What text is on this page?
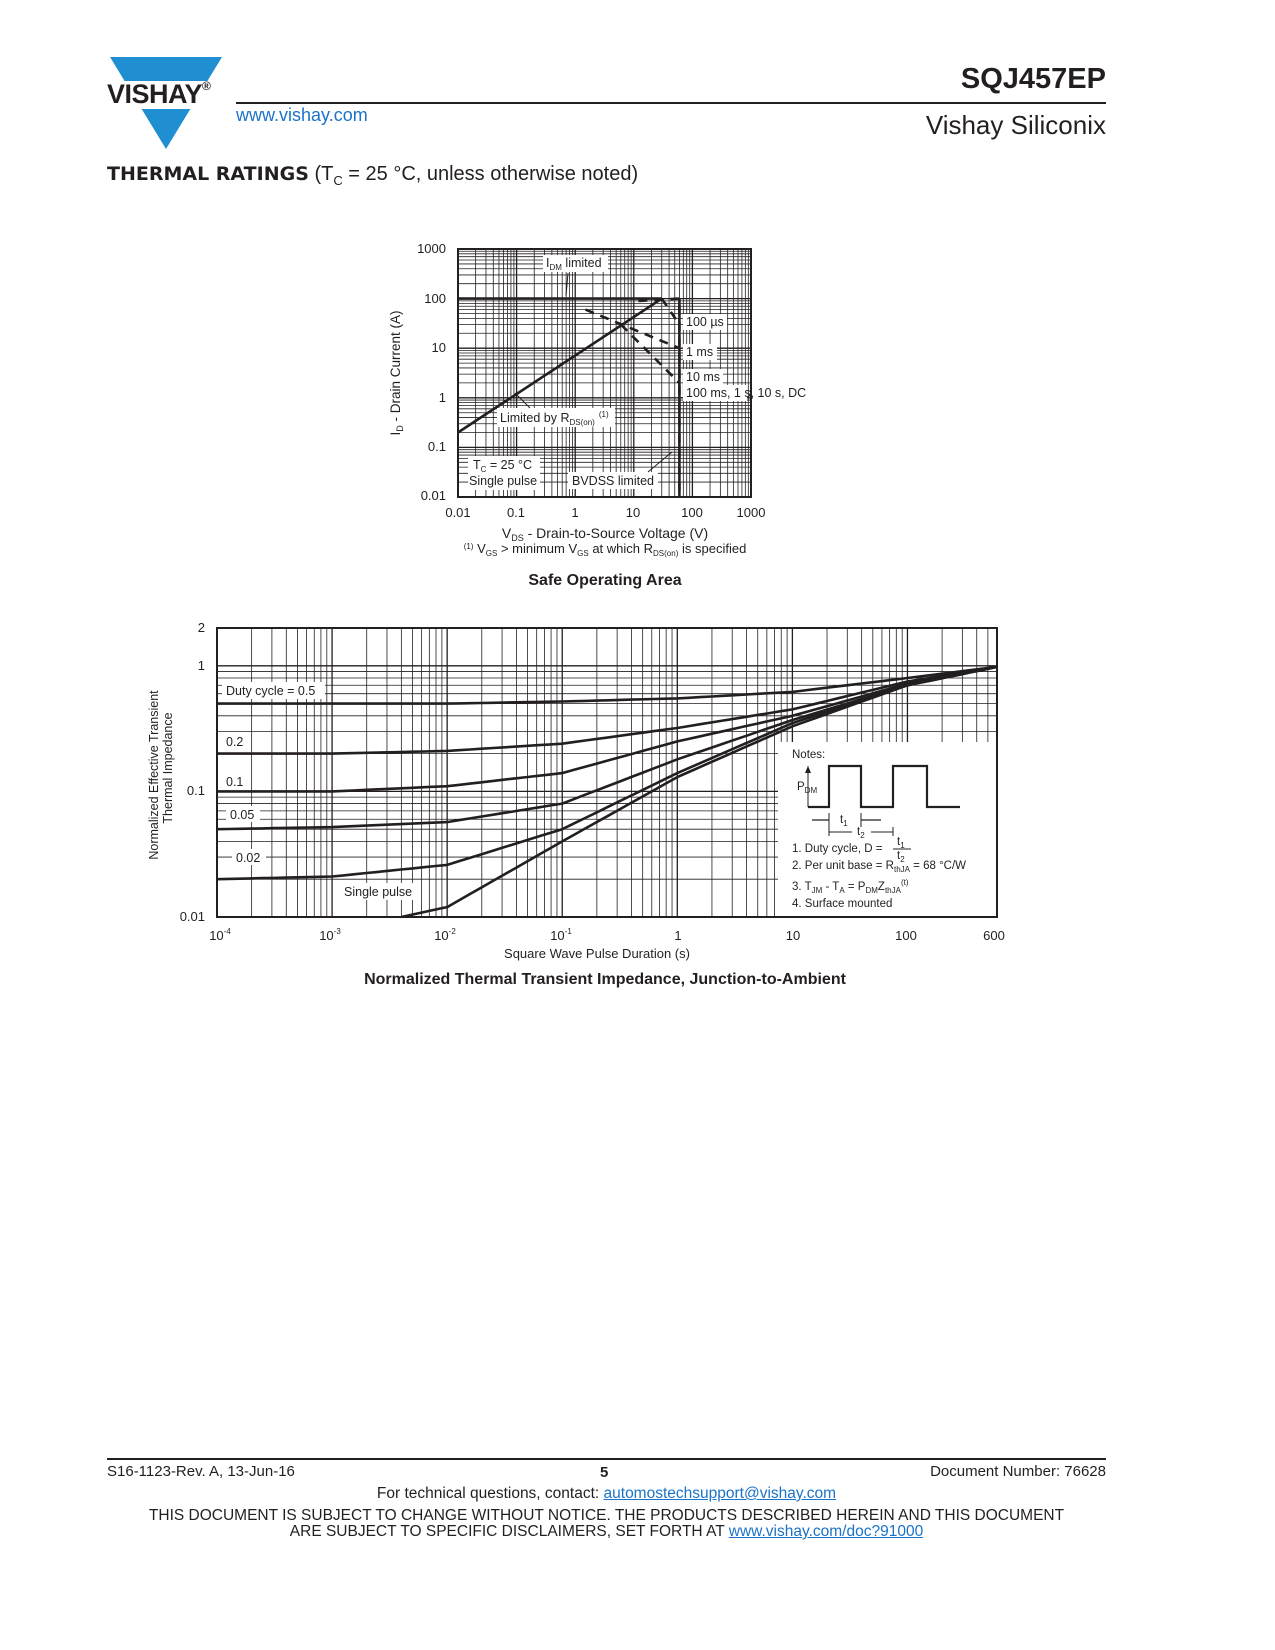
VISHAY®
www.vishay.com
SQJ457EP
Vishay Siliconix
THERMAL RATINGS ($T_C = 25$ °C, unless otherwise noted)
1000
100
10
1
0.1
0.01
0.01	0.1	1	10	100	1000
$I_D$ - Drain Current (A)
$V_{DS}$ - Drain-to-Source Voltage (V)
$^{(1)}$ $V_{GS}$ > minimum $V_{GS}$ at which $R_{DS(on)}$ is specified
$I_{DM}$ limited
100 µs
1 ms
10 ms
100 ms, 1 s, 10 s, DC
Limited by $R_{DS(on)}^{(1)}$
$T_C = 25$ °C
Single pulse	BVDSS limited
Safe Operating Area
Notes:
$P_{DM}$
$t_1$
$t_2$
1. Duty cycle, D =
$t_1$
$t_2$
2. Per unit base = $R_{thJA} = 68$ °C/W
3. $T_{JM} - T_A = P_{DM}Z_{thJA}^{(t)}$
4. Surface mounted
Duty cycle = 0.5
0.2
0.1
0.05
0.02
Single pulse
2
1
0.1
0.01
$10^{-4}$	$10^{-3}$	$10^{-2}$	$10^{-1}$	1	10	100	600
Square Wave Pulse Duration (s)
Normalized Effective Transient Thermal Impedance
Normalized Thermal Transient Impedance, Junction-to-Ambient
S16-1123-Rev. A, 13-Jun-16	5	Document Number: 76628
For technical questions, contact: automostechsupport@vishay.com
THIS DOCUMENT IS SUBJECT TO CHANGE WITHOUT NOTICE. THE PRODUCTS DESCRIBED HEREIN AND THIS DOCUMENT
ARE SUBJECT TO SPECIFIC DISCLAIMERS, SET FORTH AT www.vishay.com/doc?91000
